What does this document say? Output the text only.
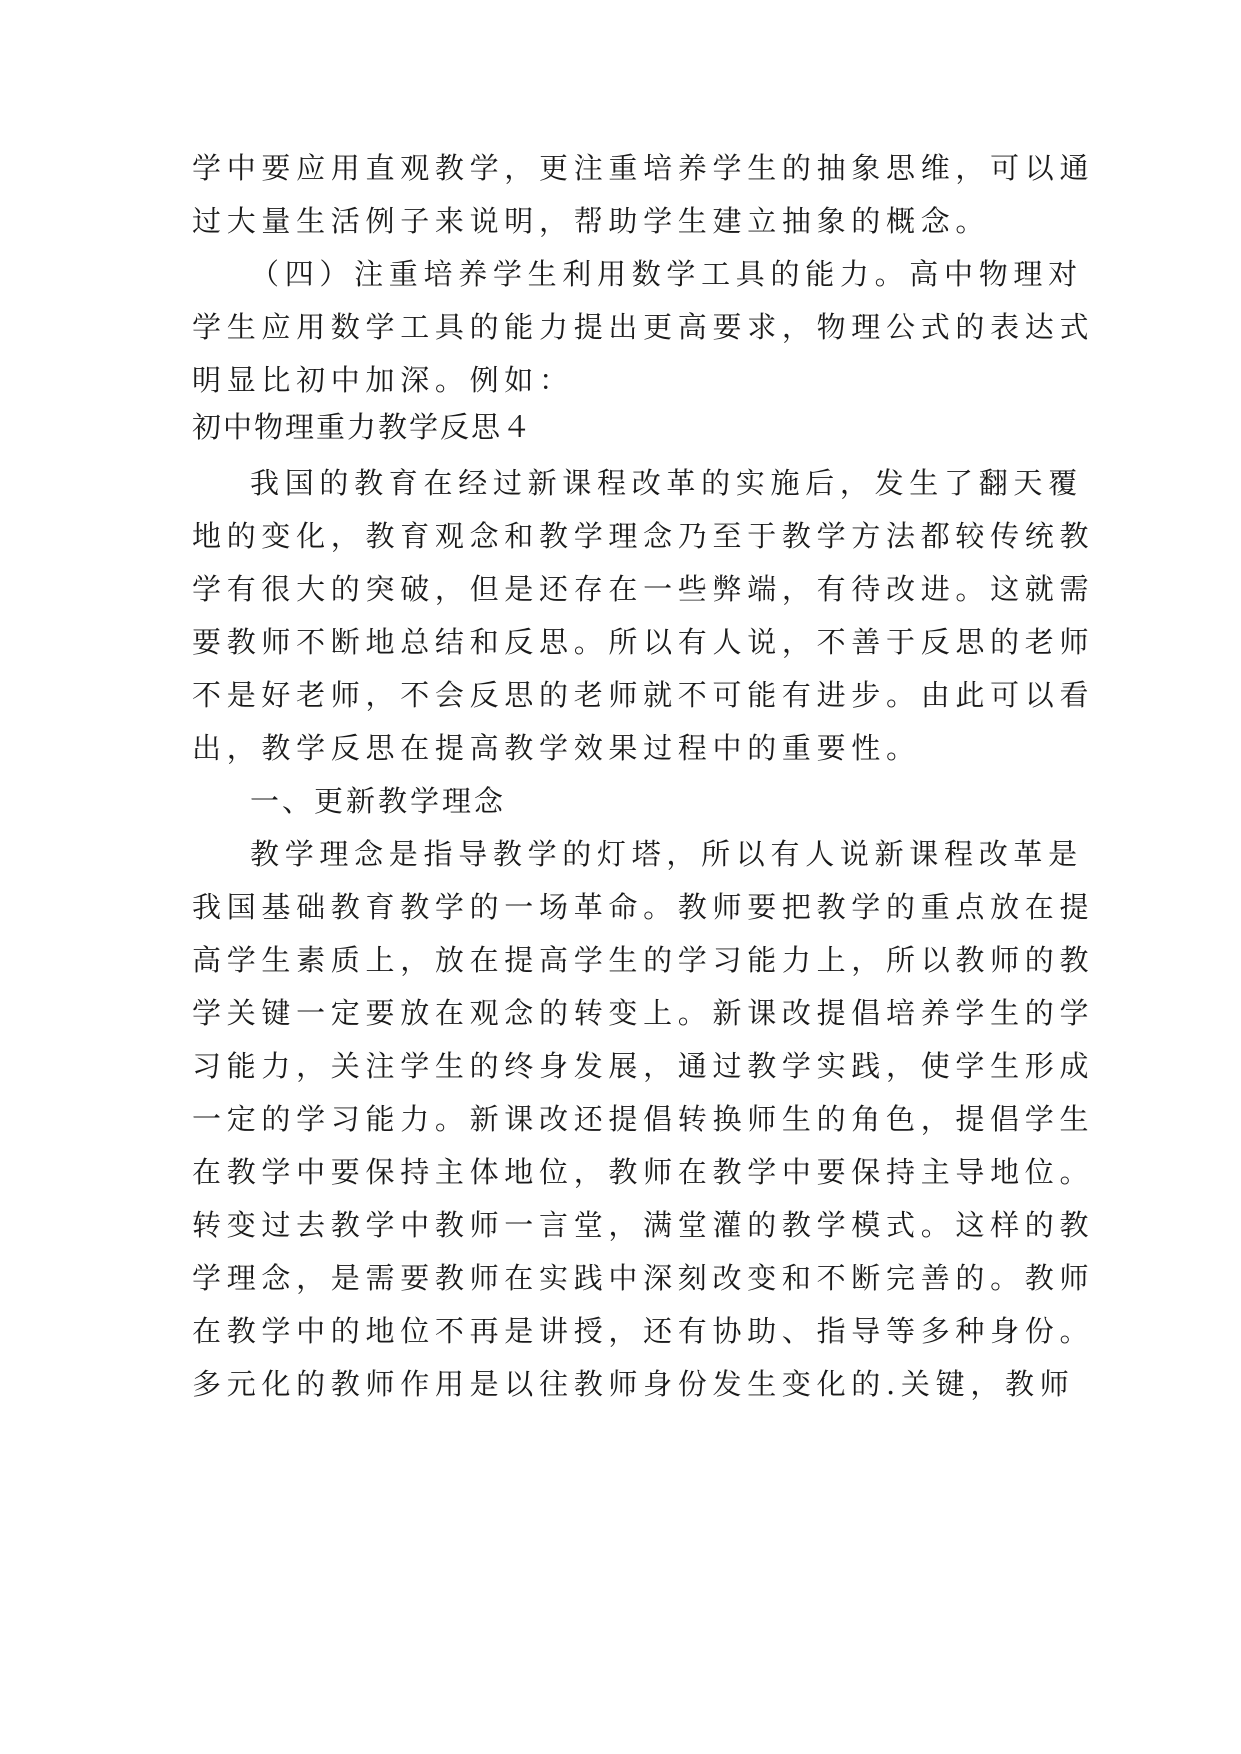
学中要应用直观教学，更注重培养学生的抽象思维，可以通
过大量生活例子来说明，帮助学生建立抽象的概念。
（四）注重培养学生利用数学工具的能力。高中物理对
学生应用数学工具的能力提出更高要求，物理公式的表达式
明显比初中加深。例如：
初中物理重力教学反思４
我国的教育在经过新课程改革的实施后，发生了翻天覆
地的变化，教育观念和教学理念乃至于教学方法都较传统教
学有很大的突破，但是还存在一些弊端，有待改进。这就需
要教师不断地总结和反思。所以有人说，不善于反思的老师
不是好老师，不会反思的老师就不可能有进步。由此可以看
出，教学反思在提高教学效果过程中的重要性。
一、更新教学理念
教学理念是指导教学的灯塔，所以有人说新课程改革是
我国基础教育教学的一场革命。教师要把教学的重点放在提
高学生素质上，放在提高学生的学习能力上，所以教师的教
学关键一定要放在观念的转变上。新课改提倡培养学生的学
习能力，关注学生的终身发展，通过教学实践，使学生形成
一定的学习能力。新课改还提倡转换师生的角色，提倡学生
在教学中要保持主体地位，教师在教学中要保持主导地位。
转变过去教学中教师一言堂，满堂灌的教学模式。这样的教
学理念，是需要教师在实践中深刻改变和不断完善的。教师
在教学中的地位不再是讲授，还有协助、指导等多种身份。
多元化的教师作用是以往教师身份发生变化的.关键，教师
